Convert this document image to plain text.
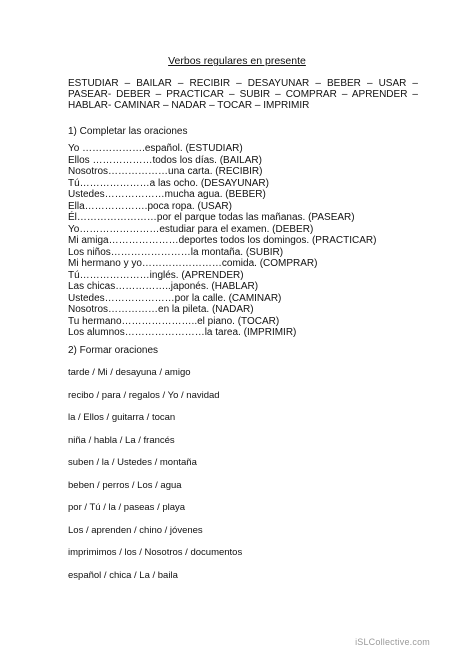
Verbos regulares en presente
ESTUDIAR – BAILAR – RECIBIR – DESAYUNAR – BEBER – USAR – PASEAR- DEBER – PRACTICAR – SUBIR – COMPRAR – APRENDER – HABLAR- CAMINAR – NADAR – TOCAR – IMPRIMIR
1) Completar las oraciones
Yo ……………….español. (ESTUDIAR)
Ellos ………………todos los días. (BAILAR)
Nosotros………………una carta. (RECIBIR)
Tú…………………a las ocho. (DESAYUNAR)
Ustedes………………mucha agua. (BEBER)
Ella……………….poca ropa. (USAR)
Él……………………por el parque todas las mañanas. (PASEAR)
Yo……………………estudiar para el examen. (DEBER)
Mi amiga…………………deportes todos los domingos. (PRACTICAR)
Los niños……………………la montaña. (SUBIR)
Mi hermano y yo……………………comida. (COMPRAR)
Tú…………………inglés. (APRENDER)
Las chicas……………..japonés. (HABLAR)
Ustedes…………………por la calle. (CAMINAR)
Nosotros……………en la pileta. (NADAR)
Tu hermano…………………..el piano. (TOCAR)
Los alumnos……………………la tarea. (IMPRIMIR)
2) Formar oraciones
tarde / Mi / desayuna / amigo
recibo / para / regalos / Yo / navidad
la / Ellos / guitarra / tocan
niña / habla / La / francés
suben / la / Ustedes / montaña
beben / perros / Los / agua
por / Tú / la / paseas / playa
Los / aprenden / chino / jóvenes
imprimimos / los / Nosotros / documentos
español / chica / La / baila
iSLCollective.com
